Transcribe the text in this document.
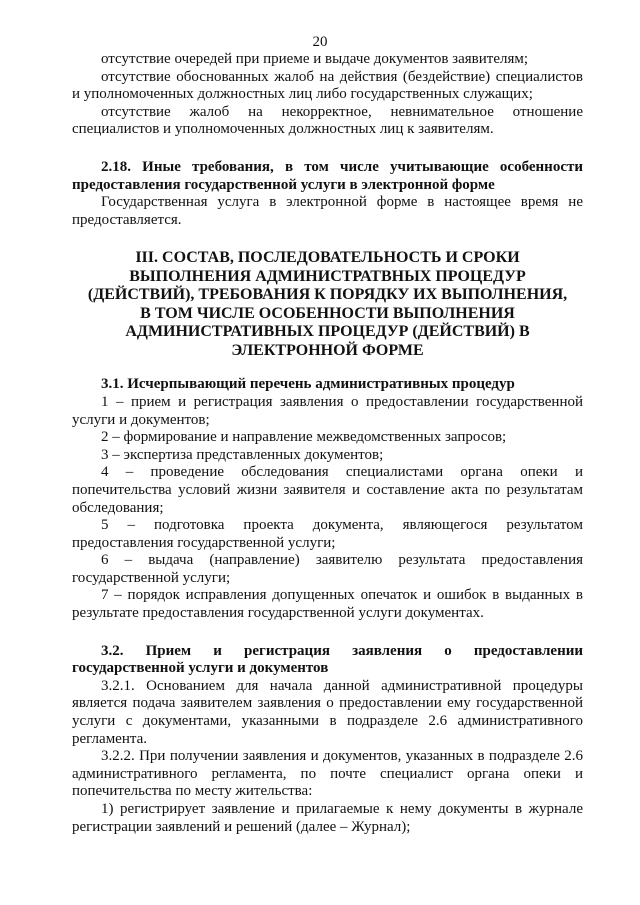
20

отсутствие очередей при приеме и выдаче документов заявителям;

отсутствие обоснованных жалоб на действия (бездействие) специалистов и уполномоченных должностных лиц либо государственных служащих;

отсутствие жалоб на некорректное, невнимательное отношение специалистов и уполномоченных должностных лиц к заявителям.

2.18. Иные требования, в том числе учитывающие особенности предоставления государственной услуги в электронной форме

Государственная услуга в электронной форме в настоящее время не предоставляется.

III. СОСТАВ, ПОСЛЕДОВАТЕЛЬНОСТЬ И СРОКИ ВЫПОЛНЕНИЯ АДМИНИСТРАТВНЫХ ПРОЦЕДУР (ДЕЙСТВИЙ), ТРЕБОВАНИЯ К ПОРЯДКУ ИХ ВЫПОЛНЕНИЯ, В ТОМ ЧИСЛЕ ОСОБЕННОСТИ ВЫПОЛНЕНИЯ АДМИНИСТРАТИВНЫХ ПРОЦЕДУР (ДЕЙСТВИЙ) В ЭЛЕКТРОННОЙ ФОРМЕ

3.1. Исчерпывающий перечень административных процедур

1 – прием и регистрация заявления о предоставлении государственной услуги и документов;

2 – формирование и направление межведомственных запросов;

3 – экспертиза представленных документов;

4 – проведение обследования специалистами органа опеки и попечительства условий жизни заявителя и составление акта по результатам обследования;

5 – подготовка проекта документа, являющегося результатом предоставления государственной услуги;

6 – выдача (направление) заявителю результата предоставления государственной услуги;

7 – порядок исправления допущенных опечаток и ошибок в выданных в результате предоставления государственной услуги документах.

3.2. Прием и регистрация заявления о предоставлении государственной услуги и документов

3.2.1. Основанием для начала данной административной процедуры является подача заявителем заявления о предоставлении ему государственной услуги с документами, указанными в подразделе 2.6 административного регламента.

3.2.2. При получении заявления и документов, указанных в подразделе 2.6 административного регламента, по почте специалист органа опеки и попечительства по месту жительства:

1) регистрирует заявление и прилагаемые к нему документы в журнале регистрации заявлений и решений (далее – Журнал);
